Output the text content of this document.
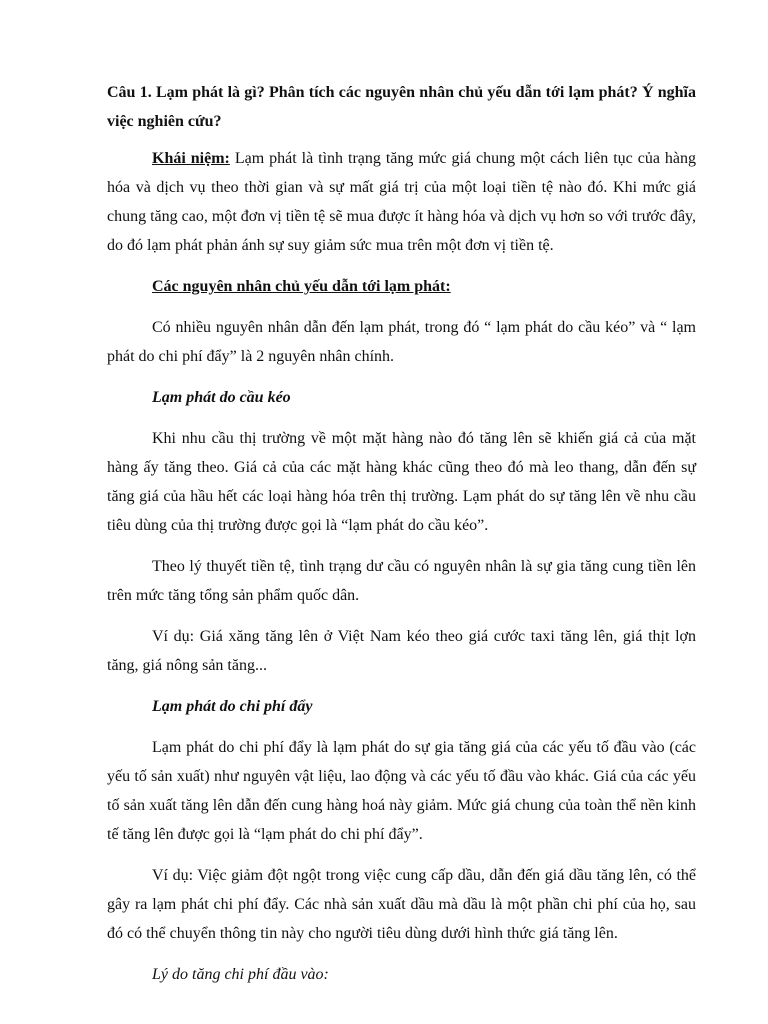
Câu 1. Lạm phát là gì? Phân tích các nguyên nhân chủ yếu dẫn tới lạm phát? Ý nghĩa việc nghiên cứu?

Khái niệm: Lạm phát là tình trạng tăng mức giá chung một cách liên tục của hàng hóa và dịch vụ theo thời gian và sự mất giá trị của một loại tiền tệ nào đó. Khi mức giá chung tăng cao, một đơn vị tiền tệ sẽ mua được ít hàng hóa và dịch vụ hơn so với trước đây, do đó lạm phát phản ánh sự suy giảm sức mua trên một đơn vị tiền tệ.

Các nguyên nhân chủ yếu dẫn tới lạm phát:

Có nhiều nguyên nhân dẫn đến lạm phát, trong đó “ lạm phát do cầu kéo” và “ lạm phát do chi phí đẩy” là 2 nguyên nhân chính.

Lạm phát do cầu kéo

Khi nhu cầu thị trường về một mặt hàng nào đó tăng lên sẽ khiến giá cả của mặt hàng ấy tăng theo. Giá cả của các mặt hàng khác cũng theo đó mà leo thang, dẫn đến sự tăng giá của hầu hết các loại hàng hóa trên thị trường. Lạm phát do sự tăng lên về nhu cầu tiêu dùng của thị trường được gọi là “lạm phát do cầu kéo”.

Theo lý thuyết tiền tệ, tình trạng dư cầu có nguyên nhân là sự gia tăng cung tiền lên trên mức tăng tổng sản phẩm quốc dân.

Ví dụ: Giá xăng tăng lên ở Việt Nam kéo theo giá cước taxi tăng lên, giá thịt lợn tăng, giá nông sản tăng...

Lạm phát do chi phí đẩy

Lạm phát do chi phí đẩy là lạm phát do sự gia tăng giá của các yếu tố đầu vào (các yếu tố sản xuất) như nguyên vật liệu, lao động và các yếu tố đầu vào khác. Giá của các yếu tố sản xuất tăng lên dẫn đến cung hàng hoá này giảm. Mức giá chung của toàn thể nền kinh tế tăng lên được gọi là “lạm phát do chi phí đẩy”.

Ví dụ: Việc giảm đột ngột trong việc cung cấp dầu, dẫn đến giá dầu tăng lên, có thể gây ra lạm phát chi phí đẩy. Các nhà sản xuất dầu mà dầu là một phần chi phí của họ, sau đó có thể chuyển thông tin này cho người tiêu dùng dưới hình thức giá tăng lên.

Lý do tăng chi phí đầu vào:
